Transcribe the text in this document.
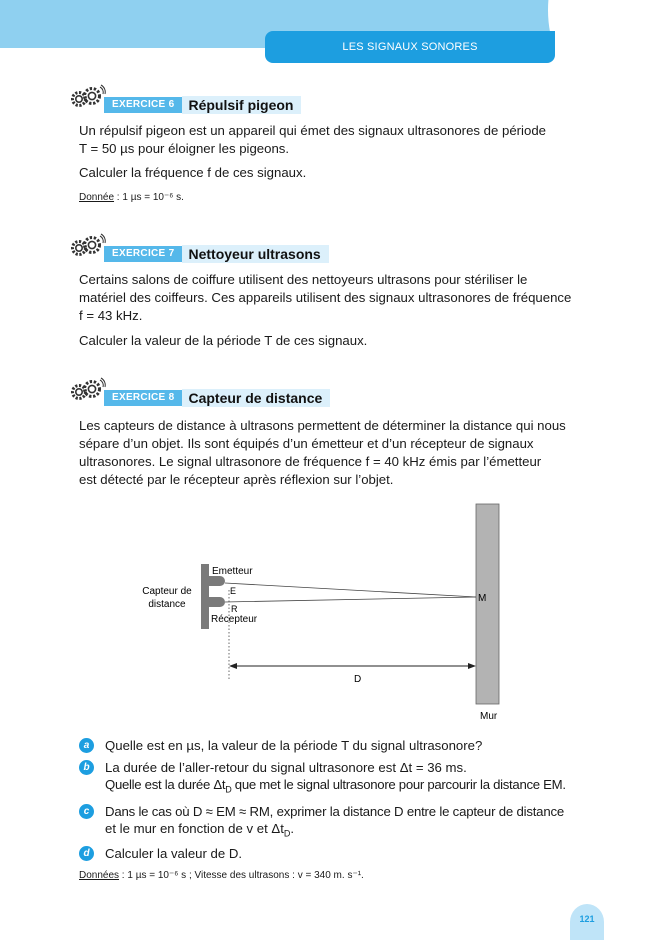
LES SIGNAUX SONORES
EXERCICE 6	Répulsif pigeon

Un répulsif pigeon est un appareil qui émet des signaux ultrasonores de période
T = 50 µs pour éloigner les pigeons.

Calculer la fréquence f de ces signaux.

Donnée : 1 µs = 10⁻⁶ s.

EXERCICE 7	Nettoyeur ultrasons

Certains salons de coiffure utilisent des nettoyeurs ultrasons pour stériliser le
matériel des coiffeurs. Ces appareils utilisent des signaux ultrasonores de fréquence
f = 43 kHz.

Calculer la valeur de la période T de ces signaux.

EXERCICE 8	Capteur de distance

Les capteurs de distance à ultrasons permettent de déterminer la distance qui nous
sépare d’un objet. Ils sont équipés d’un émetteur et d’un récepteur de signaux
ultrasonores. Le signal ultrasonore de fréquence f = 40 kHz émis par l’émetteur
est détecté par le récepteur après réflexion sur l’objet.

Capteur de
distance
Emetteur
E
R
Récepteur
M
D
Mur
a	Quelle est en µs, la valeur de la période T du signal ultrasonore?
b	La durée de l’aller-retour du signal ultrasonore est Δt = 36 ms.
Quelle est la durée $\Delta t_D$ que met le signal ultrasonore pour parcourir la distance EM.
c	Dans le cas où D ≈ EM ≈ RM, exprimer la distance D entre le capteur de distance
et le mur en fonction de v et $\Delta t_D$.
d	Calculer la valeur de D.

Données : 1 µs = 10⁻⁶ s ; Vitesse des ultrasons : v = 340 m. s⁻¹.

121
